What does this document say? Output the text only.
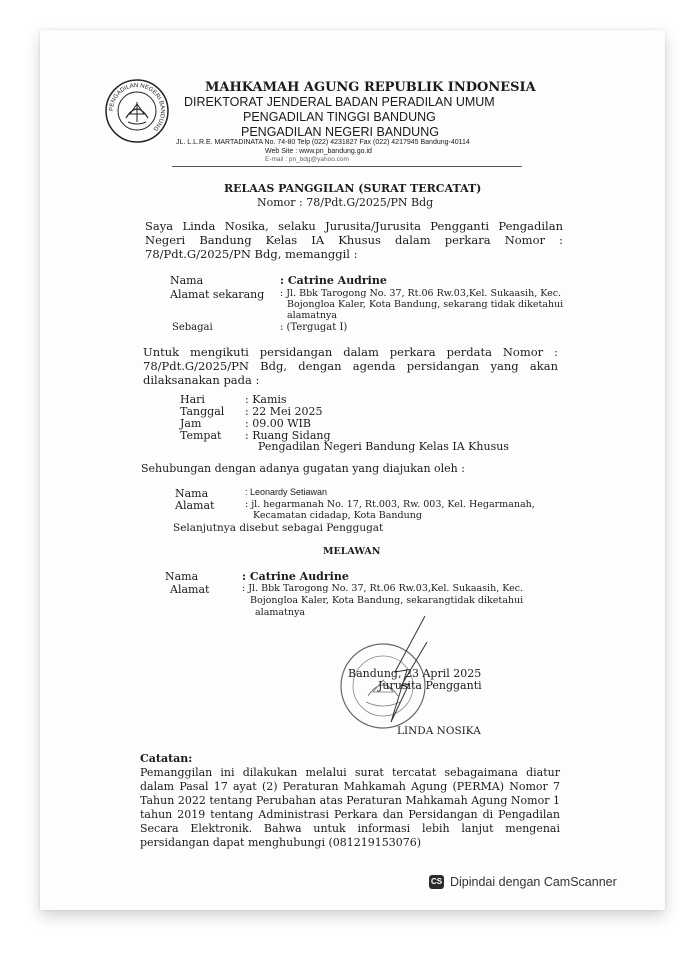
PENGADILAN NEGERI BANDUNG
MAHKAMAH AGUNG REPUBLIK INDONESIA
DIREKTORAT JENDERAL BADAN PERADILAN UMUM
PENGADILAN TINGGI BANDUNG
PENGADILAN NEGERI BANDUNG
JL. L.L.R.E. MARTADINATA No. 74-80 Telp (022) 4231827 Fax (022) 4217945 Bandung-40114
Web Site : www.pn_bandung.go.id
E-mail : pn_bdg@yahoo.com
RELAAS PANGGILAN (SURAT TERCATAT)
Nomor : 78/Pdt.G/2025/PN Bdg
Saya Linda Nosika, selaku Jurusita/Jurusita Pengganti Pengadilan Negeri Bandung Kelas IA Khusus dalam perkara Nomor : 78/Pdt.G/2025/PN Bdg, memanggil :
Nama	: Catrine Audrine
Alamat sekarang : Jl. Bbk Tarogong No. 37, Rt.06 Rw.03,Kel. Sukaasih, Kec.
Bojongloa Kaler, Kota Bandung, sekarang tidak diketahui
alamatnya
Sebagai	: (Tergugat I)
Untuk mengikuti persidangan dalam perkara perdata Nomor : 78/Pdt.G/2025/PN Bdg, dengan agenda persidangan yang akan dilaksanakan pada :
Hari	: Kamis
Tanggal : 22 Mei 2025
Jam	: 09.00 WIB
Tempat : Ruang Sidang
Pengadilan Negeri Bandung Kelas IA Khusus
Sehubungan dengan adanya gugatan yang diajukan oleh :
Nama	: Leonardy Setiawan
Alamat	: jl. hegarmanah No. 17, Rt.003, Rw. 003, Kel. Hegarmanah,
Kecamatan cidadap, Kota Bandung
Selanjutnya disebut sebagai Penggugat
MELAWAN
Nama	: Catrine Audrine
Alamat	: Jl. Bbk Tarogong No. 37, Rt.06 Rw.03,Kel. Sukaasih, Kec.
Bojongloa Kaler, Kota Bandung, sekarangtidak diketahui
alamatnya
Bandung, 23 April 2025
Jurusita Pengganti
LINDA NOSIKA
Catatan:
Pemanggilan ini dilakukan melalui surat tercatat sebagaimana diatur dalam Pasal 17 ayat (2) Peraturan Mahkamah Agung (PERMA) Nomor 7 Tahun 2022 tentang Perubahan atas Peraturan Mahkamah Agung Nomor 1 tahun 2019 tentang Administrasi Perkara dan Persidangan di Pengadilan Secara Elektronik. Bahwa untuk informasi lebih lanjut mengenai persidangan dapat menghubungi (081219153076)
CS Dipindai dengan CamScanner
